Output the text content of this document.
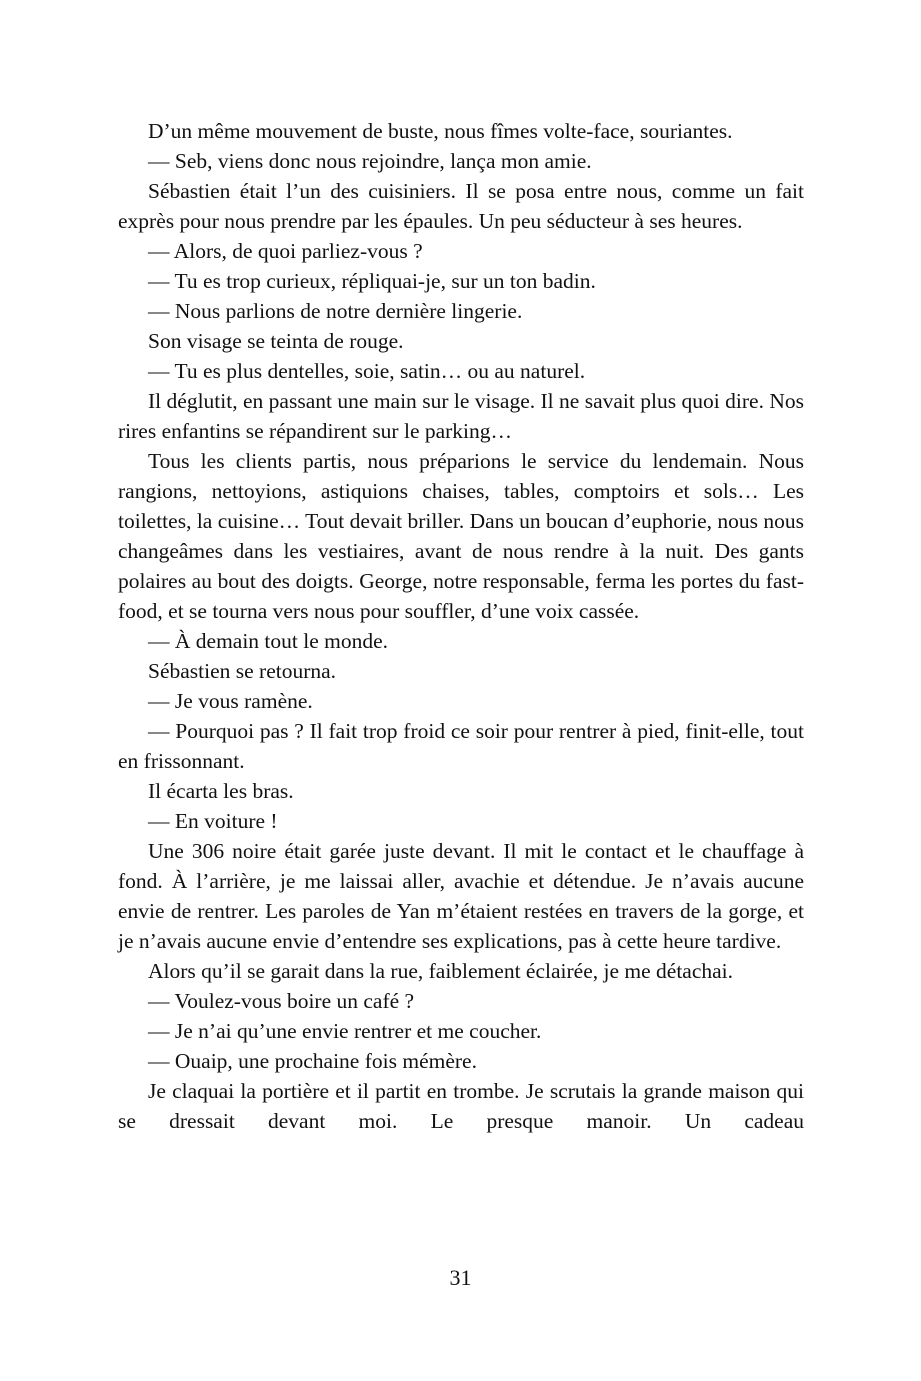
D’un même mouvement de buste, nous fîmes volte-face, souriantes.

— Seb, viens donc nous rejoindre, lança mon amie.

Sébastien était l’un des cuisiniers. Il se posa entre nous, comme un fait exprès pour nous prendre par les épaules. Un peu séducteur à ses heures.

— Alors, de quoi parliez-vous ?

— Tu es trop curieux, répliquai-je, sur un ton badin.

— Nous parlions de notre dernière lingerie.

Son visage se teinta de rouge.

— Tu es plus dentelles, soie, satin… ou au naturel.

Il déglutit, en passant une main sur le visage. Il ne savait plus quoi dire. Nos rires enfantins se répandirent sur le parking…

Tous les clients partis, nous préparions le service du lendemain. Nous rangions, nettoyions, astiquions chaises, tables, comptoirs et sols… Les toilettes, la cuisine… Tout devait briller. Dans un boucan d’euphorie, nous nous changeâmes dans les vestiaires, avant de nous rendre à la nuit. Des gants polaires au bout des doigts. George, notre responsable, ferma les portes du fast-food, et se tourna vers nous pour souffler, d’une voix cassée.

— À demain tout le monde.

Sébastien se retourna.

— Je vous ramène.

— Pourquoi pas ? Il fait trop froid ce soir pour rentrer à pied, finit-elle, tout en frissonnant.

Il écarta les bras.

— En voiture !

Une 306 noire était garée juste devant. Il mit le contact et le chauffage à fond. À l’arrière, je me laissai aller, avachie et détendue. Je n’avais aucune envie de rentrer. Les paroles de Yan m’étaient restées en travers de la gorge, et je n’avais aucune envie d’entendre ses explications, pas à cette heure tardive.

Alors qu’il se garait dans la rue, faiblement éclairée, je me détachai.

— Voulez-vous boire un café ?

— Je n’ai qu’une envie rentrer et me coucher.

— Ouaip, une prochaine fois mémère.

Je claquai la portière et il partit en trombe. Je scrutais la grande maison qui se dressait devant moi. Le presque manoir. Un cadeau

31
